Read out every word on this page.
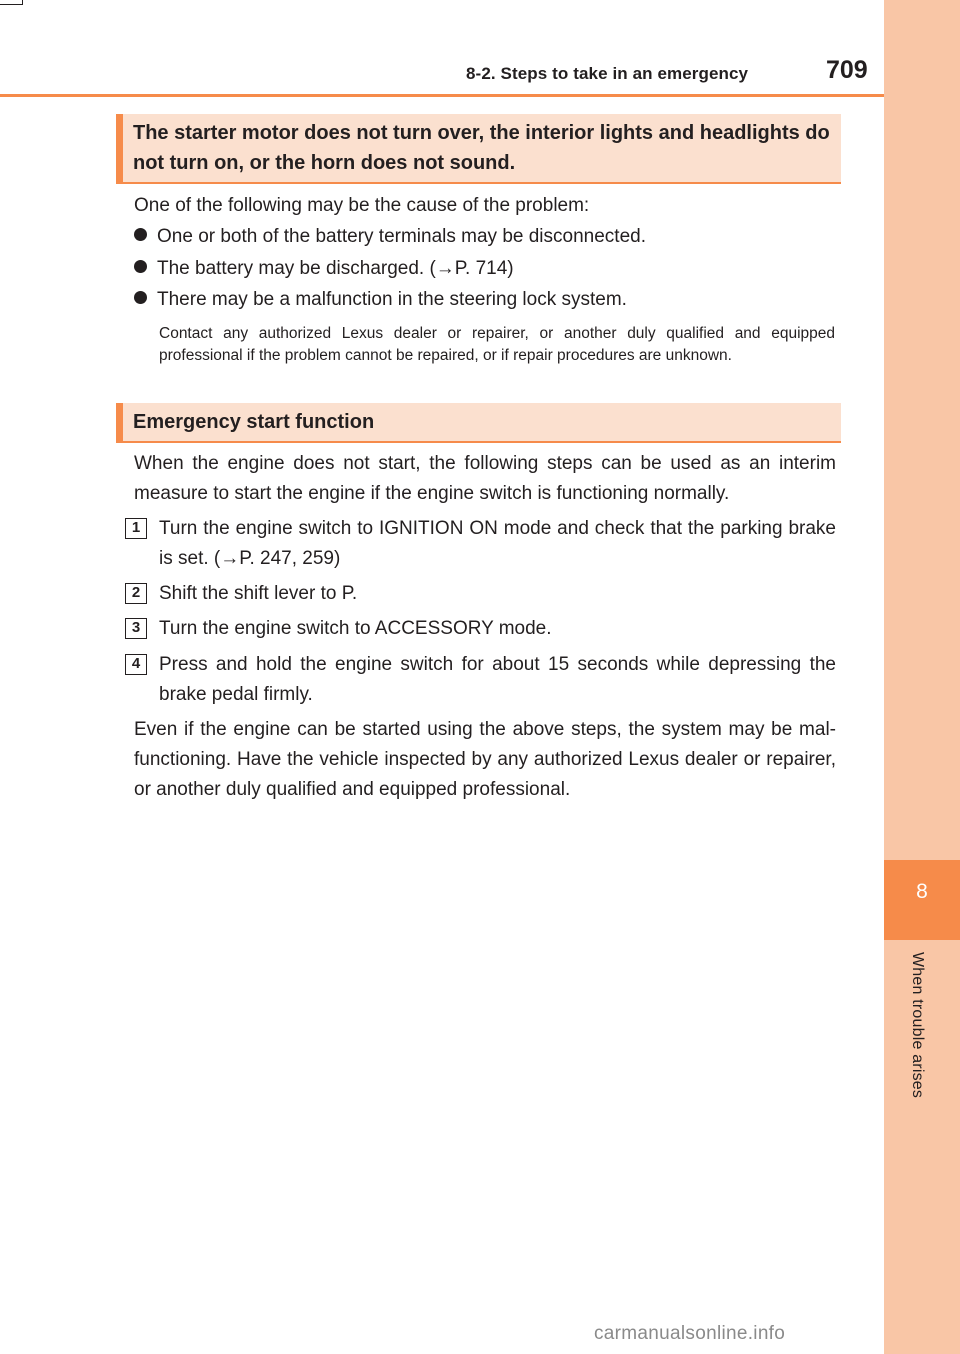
8-2. Steps to take in an emergency	709
8
When trouble arises
The starter motor does not turn over, the interior lights and headlights do not turn on, or the horn does not sound.
One of the following may be the cause of the problem:
One or both of the battery terminals may be disconnected.
The battery may be discharged. (→P. 714)
There may be a malfunction in the steering lock system.
Contact any authorized Lexus dealer or repairer, or another duly qualified and equipped professional if the problem cannot be repaired, or if repair procedures are unknown.
Emergency start function
When the engine does not start, the following steps can be used as an interim measure to start the engine if the engine switch is functioning normally.
1 Turn the engine switch to IGNITION ON mode and check that the parking brake is set. (→P. 247, 259)
2 Shift the shift lever to P.
3 Turn the engine switch to ACCESSORY mode.
4 Press and hold the engine switch for about 15 seconds while depressing the brake pedal firmly.
Even if the engine can be started using the above steps, the system may be mal-functioning. Have the vehicle inspected by any authorized Lexus dealer or repairer, or another duly qualified and equipped professional.
carmanualsonline.info
